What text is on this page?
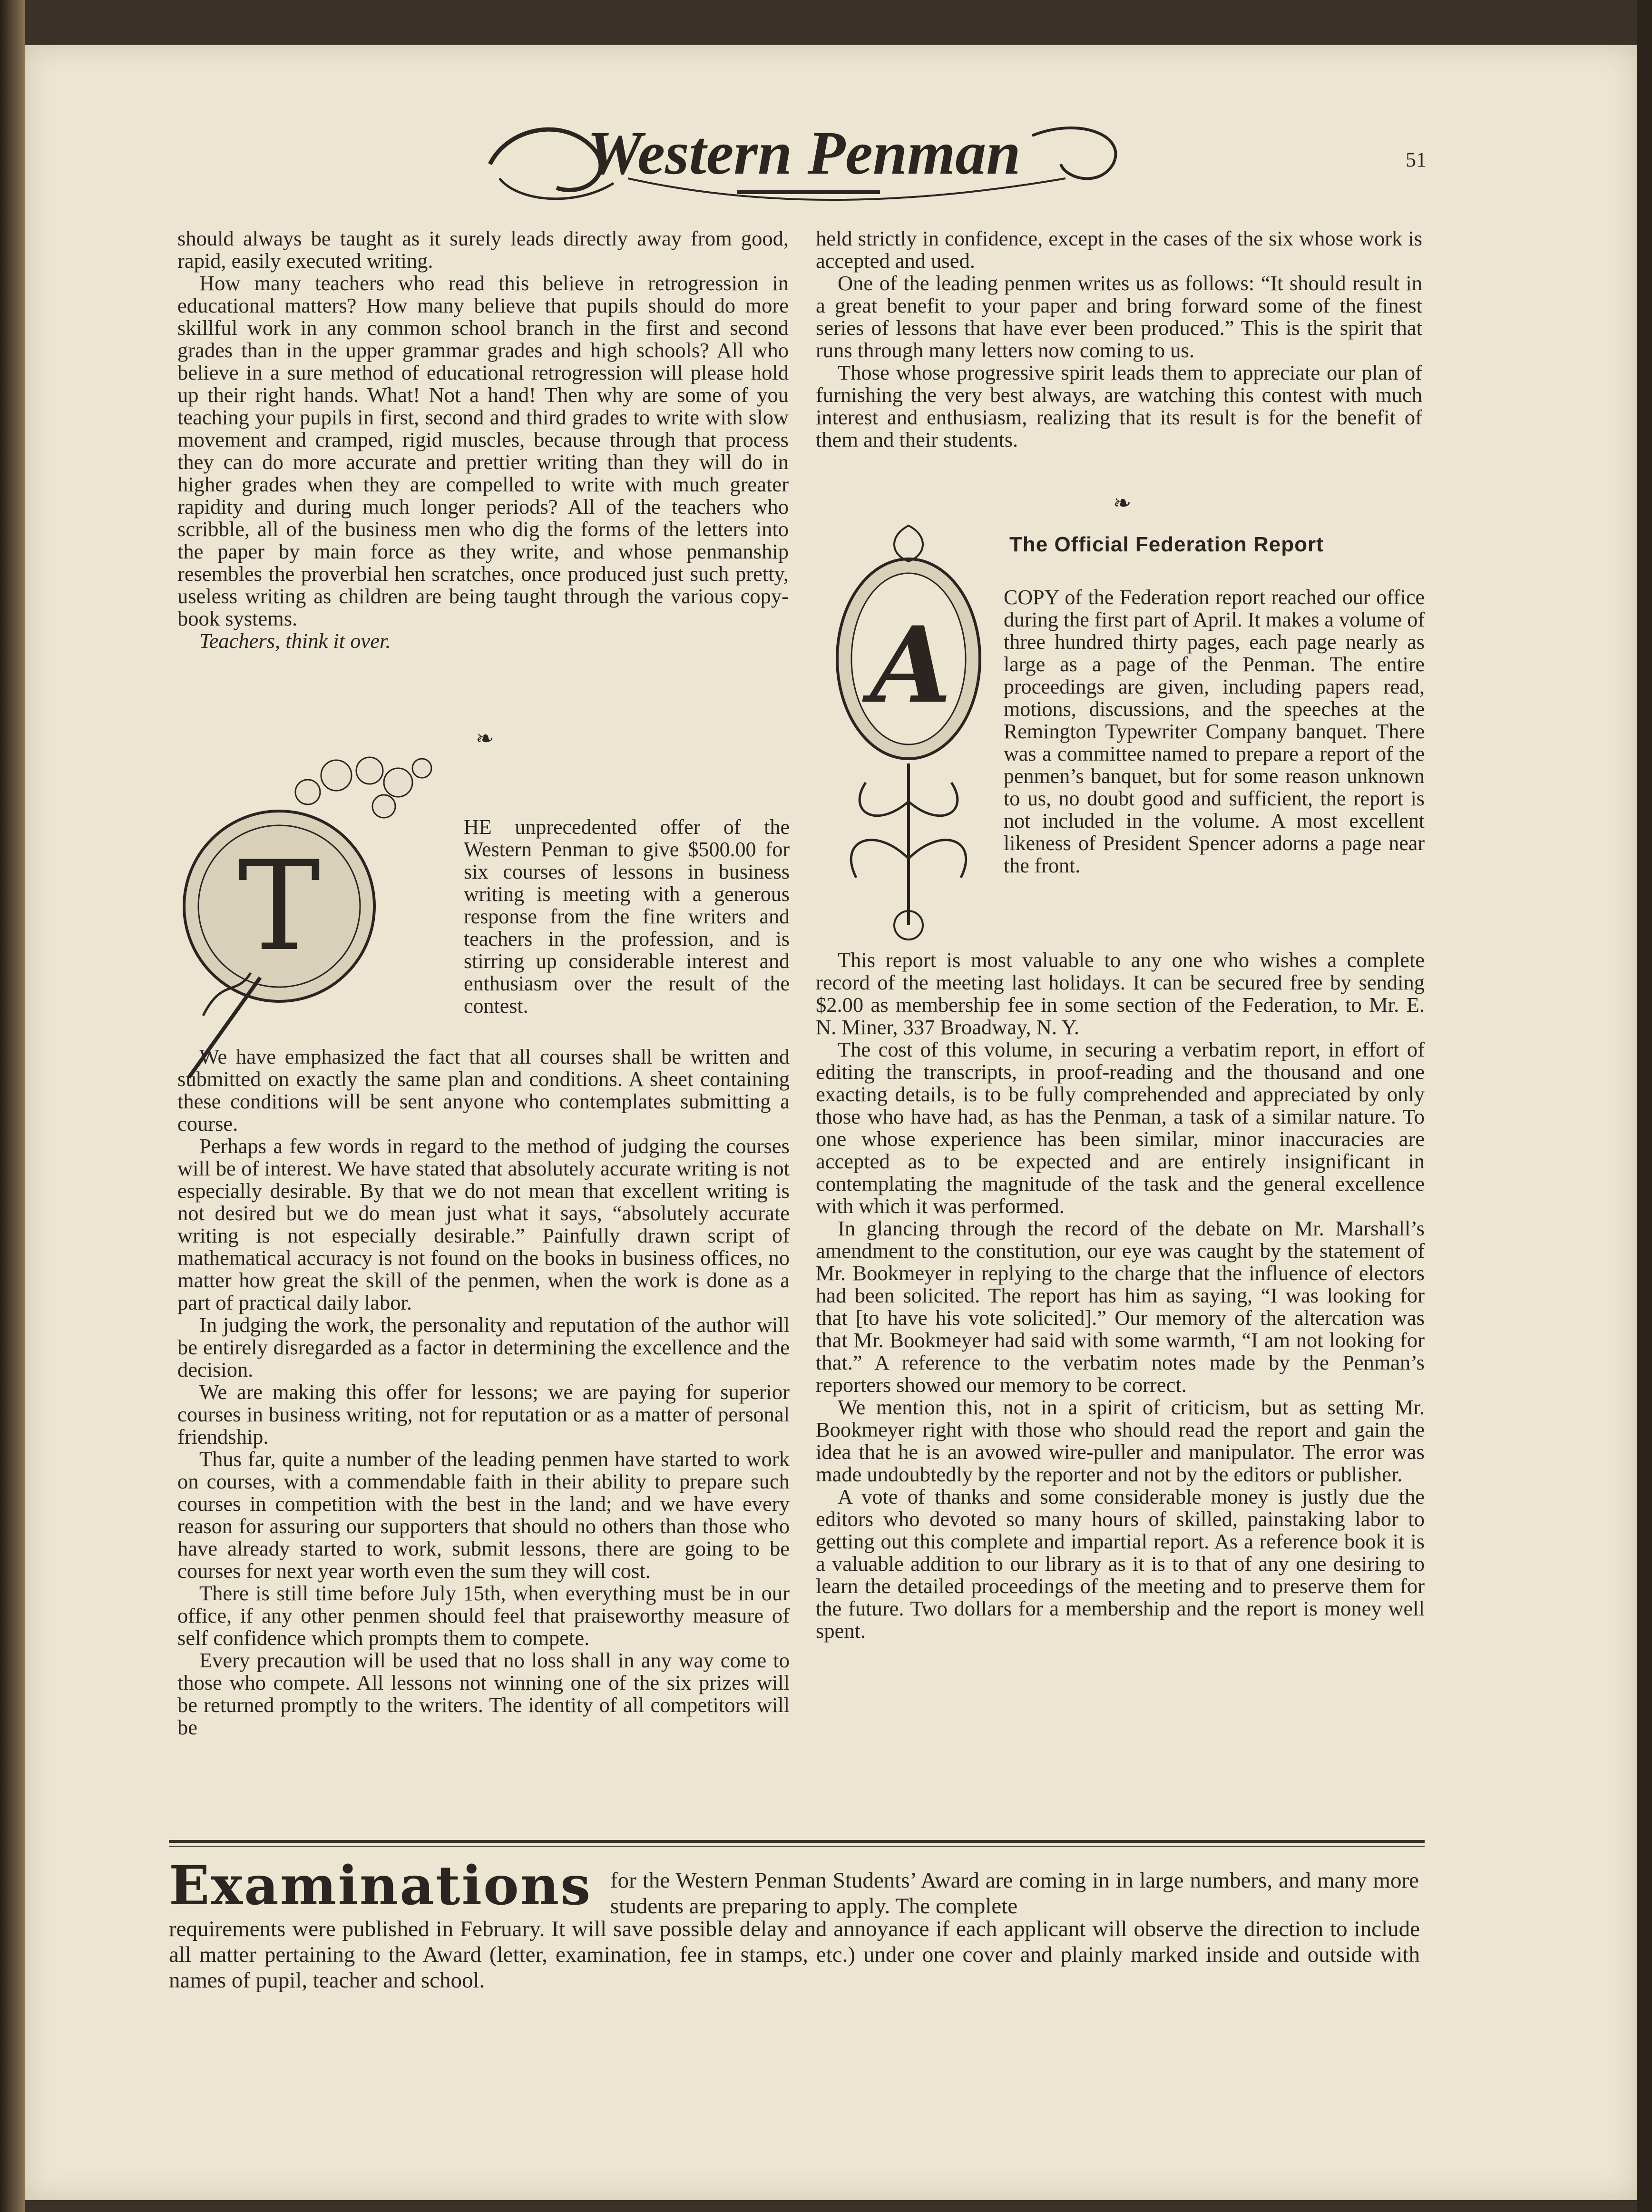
Western Penman	51

should always be taught as it surely leads directly away from good, rapid, easily executed writing.

How many teachers who read this believe in retrogression in educational matters? How many believe that pupils should do more skillful work in any common school branch in the first and second grades than in the upper grammar grades and high schools? All who believe in a sure method of educational retrogression will please hold up their right hands. What! Not a hand! Then why are some of you teaching your pupils in first, second and third grades to write with slow movement and cramped, rigid muscles, because through that process they can do more accurate and prettier writing than they will do in higher grades when they are compelled to write with much greater rapidity and during much longer periods? All of the teachers who scribble, all of the business men who dig the forms of the letters into the paper by main force as they write, and whose penmanship resembles the proverbial hen scratches, once produced just such pretty, useless writing as children are being taught through the various copy-book systems.

Teachers, think it over.

❧
T
HE unprecedented offer of the Western Penman to give $500.00 for six courses of lessons in business writing is meeting with a generous response from the fine writers and teachers in the profession, and is stirring up considerable interest and enthusiasm over the result of the contest.

We have emphasized the fact that all courses shall be written and submitted on exactly the same plan and conditions. A sheet containing these conditions will be sent anyone who contemplates submitting a course.

Perhaps a few words in regard to the method of judging the courses will be of interest. We have stated that absolutely accurate writing is not especially desirable. By that we do not mean that excellent writing is not desired but we do mean just what it says, “absolutely accurate writing is not especially desirable.” Painfully drawn script of mathematical accuracy is not found on the books in business offices, no matter how great the skill of the penmen, when the work is done as a part of practical daily labor.

In judging the work, the personality and reputation of the author will be entirely disregarded as a factor in determining the excellence and the decision.

We are making this offer for lessons; we are paying for superior courses in business writing, not for reputation or as a matter of personal friendship.

Thus far, quite a number of the leading penmen have started to work on courses, with a commendable faith in their ability to prepare such courses in competition with the best in the land; and we have every reason for assuring our supporters that should no others than those who have already started to work, submit lessons, there are going to be courses for next year worth even the sum they will cost.

There is still time before July 15th, when everything must be in our office, if any other penmen should feel that praiseworthy measure of self confidence which prompts them to compete.

Every precaution will be used that no loss shall in any way come to those who compete. All lessons not winning one of the six prizes will be returned promptly to the writers. The identity of all competitors will be

held strictly in confidence, except in the cases of the six whose work is accepted and used.

One of the leading penmen writes us as follows: “It should result in a great benefit to your paper and bring forward some of the finest series of lessons that have ever been produced.” This is the spirit that runs through many letters now coming to us.

Those whose progressive spirit leads them to appreciate our plan of furnishing the very best always, are watching this contest with much interest and enthusiasm, realizing that its result is for the benefit of them and their students.

❧
The Official Federation Report
A
COPY of the Federation report reached our office during the first part of April. It makes a volume of three hundred thirty pages, each page nearly as large as a page of the Penman. The entire proceedings are given, including papers read, motions, discussions, and the speeches at the Remington Typewriter Company banquet. There was a committee named to prepare a report of the penmen’s banquet, but for some reason unknown to us, no doubt good and sufficient, the report is not included in the volume. A most excellent likeness of President Spencer adorns a page near the front.

This report is most valuable to any one who wishes a complete record of the meeting last holidays. It can be secured free by sending $2.00 as membership fee in some section of the Federation, to Mr. E. N. Miner, 337 Broadway, N. Y.

The cost of this volume, in securing a verbatim report, in effort of editing the transcripts, in proof-reading and the thousand and one exacting details, is to be fully comprehended and appreciated by only those who have had, as has the Penman, a task of a similar nature. To one whose experience has been similar, minor inaccuracies are accepted as to be expected and are entirely insignificant in contemplating the magnitude of the task and the general excellence with which it was performed.

In glancing through the record of the debate on Mr. Marshall’s amendment to the constitution, our eye was caught by the statement of Mr. Bookmeyer in replying to the charge that the influence of electors had been solicited. The report has him as saying, “I was looking for that [to have his vote solicited].” Our memory of the altercation was that Mr. Bookmeyer had said with some warmth, “I am not looking for that.” A reference to the verbatim notes made by the Penman’s reporters showed our memory to be correct.

We mention this, not in a spirit of criticism, but as setting Mr. Bookmeyer right with those who should read the report and gain the idea that he is an avowed wire-puller and manipulator. The error was made undoubtedly by the reporter and not by the editors or publisher.

A vote of thanks and some considerable money is justly due the editors who devoted so many hours of skilled, painstaking labor to getting out this complete and impartial report. As a reference book it is a valuable addition to our library as it is to that of any one desiring to learn the detailed proceedings of the meeting and to preserve them for the future. Two dollars for a membership and the report is money well spent.

Examinations for the Western Penman Students’ Award are coming in in large numbers, and many more students are preparing to apply. The complete
requirements were published in February. It will save possible delay and annoyance if each applicant will observe the direction to include all matter pertaining to the Award (letter, examination, fee in stamps, etc.) under one cover and plainly marked inside and outside with names of pupil, teacher and school.
